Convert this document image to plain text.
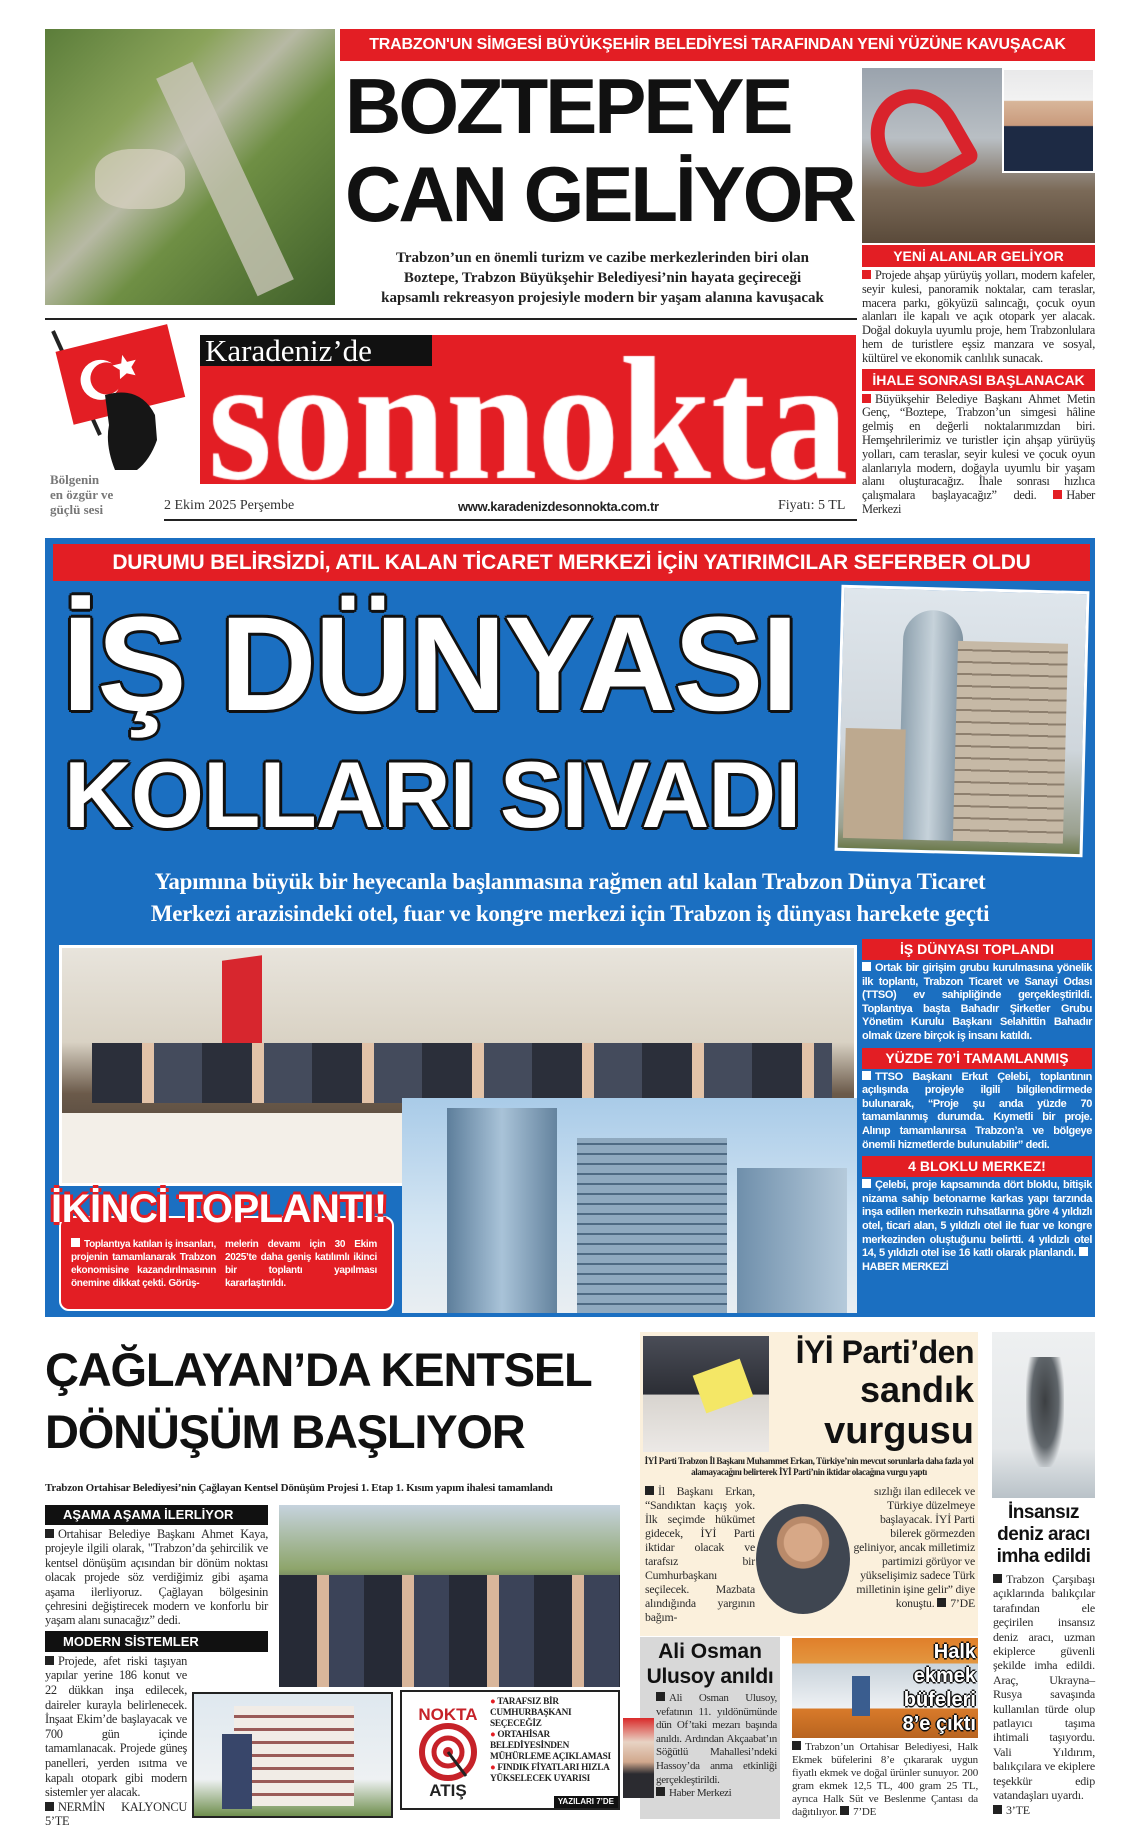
TRABZON'UN SİMGESİ BÜYÜKŞEHİR BELEDİYESİ TARAFINDAN YENİ YÜZÜNE KAVUŞACAK
BOZTEPEYE
CAN GELİYOR
Trabzon’un en önemli turizm ve cazibe merkezlerinden biri olan
Boztepe, Trabzon Büyükşehir Belediyesi’nin hayata geçireceği
kapsamlı rekreasyon projesiyle modern bir yaşam alanına kavuşacak
YENİ ALANLAR GELİYOR
Projede ahşap yürüyüş yolları, modern kafeler, seyir kulesi, panoramik noktalar, cam teraslar, macera parkı, gökyüzü salıncağı, çocuk oyun alanları ile kapalı ve açık otopark yer alacak. Doğal dokuyla uyumlu proje, hem Trabzonlulara hem de turistlere eşsiz manzara ve sosyal, kültürel ve ekonomik canlılık sunacak.
İHALE SONRASI BAŞLANACAK
Büyükşehir Belediye Başkanı Ahmet Metin Genç, “Boztepe, Trabzon’un simgesi hâline gelmiş en değerli noktalarımızdan biri. Hemşehrilerimiz ve turistler için ahşap yürüyüş yolları, cam teraslar, seyir kulesi ve çocuk oyun alanlarıyla modern, doğayla uyumlu bir yaşam alanı oluşturacağız. İhale sonrası hızlıca çalışmalara başlayacağız” dedi. Haber Merkezi
Bölgenin
en özgür ve
güçlü sesi
Karadeniz’de
2 Ekim 2025 Perşembe	www.karadenizdesonnokta.com.tr	Fiyatı: 5 TL
DURUMU BELİRSİZDİ, ATIL KALAN TİCARET MERKEZİ İÇİN YATIRIMCILAR SEFERBER OLDU
İŞ DÜNYASI
KOLLARI SIVADI
Yapımına büyük bir heyecanla başlanmasına rağmen atıl kalan Trabzon Dünya Ticaret
Merkezi arazisindeki otel, fuar ve kongre merkezi için Trabzon iş dünyası harekete geçti
İKİNCİ TOPLANTI!
Toplantıya katılan iş insanları, projenin tamamlanarak Trabzon ekonomisine kazandırılmasının önemine dikkat çekti. Görüş-
melerin devamı için 30 Ekim 2025’te daha geniş katılımlı ikinci bir toplantı yapılması kararlaştırıldı.
İŞ DÜNYASI TOPLANDI
Ortak bir girişim grubu kurulmasına yönelik ilk toplantı, Trabzon Ticaret ve Sanayi Odası (TTSO) ev sahipliğinde gerçekleştirildi. Toplantıya başta Bahadır Şirketler Grubu Yönetim Kurulu Başkanı Selahittin Bahadır olmak üzere birçok iş insanı katıldı.
YÜZDE 70’İ TAMAMLANMIŞ
TTSO Başkanı Erkut Çelebi, toplantının açılışında projeyle ilgili bilgilendirmede bulunarak, “Proje şu anda yüzde 70 tamamlanmış durumda. Kıymetli bir proje. Alınıp tamamlanırsa Trabzon’a ve bölgeye önemli hizmetlerde bulunulabilir” dedi.
4 BLOKLU MERKEZ!
Çelebi, proje kapsamında dört bloklu, bitişik nizama sahip betonarme karkas yapı tarzında inşa edilen merkezin ruhsatlarına göre 4 yıldızlı otel, ticari alan, 5 yıldızlı otel ile fuar ve kongre merkezinden oluştuğunu belirtti. 4 yıldızlı otel 14, 5 yıldızlı otel ise 16 katlı olarak planlandı. HABER MERKEZİ
ÇAĞLAYAN’DA KENTSEL
DÖNÜŞÜM BAŞLIYOR
Trabzon Ortahisar Belediyesi’nin Çağlayan Kentsel Dönüşüm Projesi 1. Etap 1. Kısım yapım ihalesi tamamlandı
AŞAMA AŞAMA İLERLİYOR
Ortahisar Belediye Başkanı Ahmet Kaya, projeyle ilgili olarak, "Trabzon’da şehircilik ve kentsel dönüşüm açısından bir dönüm noktası olacak projede söz verdiğimiz gibi aşama aşama ilerliyoruz. Çağlayan bölgesinin çehresini değiştirecek modern ve konforlu bir yaşam alanı sunacağız” dedi.
MODERN SİSTEMLER
Projede, afet riski taşıyan yapılar yerine 186 konut ve 22 dükkan inşa edilecek, daireler kurayla belirlenecek. İnşaat Ekim’de başlayacak ve 700 gün içinde tamamlanacak. Projede güneş panelleri, yerden ısıtma ve kapalı otopark gibi modern sistemler yer alacak.
NERMİN KALYONCU 5’TE
NOKTA
ATIŞ
● TARAFSIZ BİR CUMHURBAŞKANI SEÇECEĞİZ
● ORTAHİSAR BELEDİYESİNDEN MÜHÜRLEME AÇIKLAMASI
● FINDIK FİYATLARI HIZLA YÜKSELECEK UYARISI
YAZILARI 7’DE
İYİ Parti’den
sandık
vurgusu
İYİ Parti Trabzon İl Başkanı Muhammet Erkan, Türkiye’nin mevcut sorunlarla daha fazla yol alamayacağını belirterek İYİ Parti’nin iktidar olacağına vurgu yaptı
İl Başkanı Erkan, “Sandıktan kaçış yok. İlk seçimde hükümet gidecek, İYİ Parti iktidar olacak ve tarafsız bir Cumhurbaşkanı seçilecek. Mazbata alındığında yargının bağım-
sızlığı ilan edilecek ve Türkiye düzelmeye başlayacak. İYİ Parti bilerek görmezden geliniyor, ancak milletimiz partimizi görüyor ve yükselişimiz sadece Türk milletinin işine gelir” diye konuştu. 7’DE
Ali Osman
Ulusoy anıldı
Ali Osman Ulusoy, vefatının 11. yıldönümünde dün Of’taki mezarı başında anıldı. Ardından Akçaabat’ın Söğütlü Mahallesi’ndeki Hassoy’da anma etkinliği gerçekleştirildi.
Haber Merkezi
Halk
ekmek
büfeleri
8’e çıktı
Trabzon’un Ortahisar Belediyesi, Halk Ekmek büfelerini 8’e çıkararak uygun fiyatlı ekmek ve doğal ürünler sunuyor. 200 gram ekmek 12,5 TL, 400 gram 25 TL, ayrıca Halk Süt ve Beslenme Çantası da dağıtılıyor. 7’DE
İnsansız
deniz aracı
imha edildi
Trabzon Çarşıbaşı açıklarında balıkçılar tarafından ele geçirilen insansız deniz aracı, uzman ekiplerce güvenli şekilde imha edildi. Araç, Ukrayna–Rusya savaşında kullanılan türde olup patlayıcı taşıma ihtimali taşıyordu. Vali Yıldırım, balıkçılara ve ekiplere teşekkür edip vatandaşları uyardı.
3’TE
